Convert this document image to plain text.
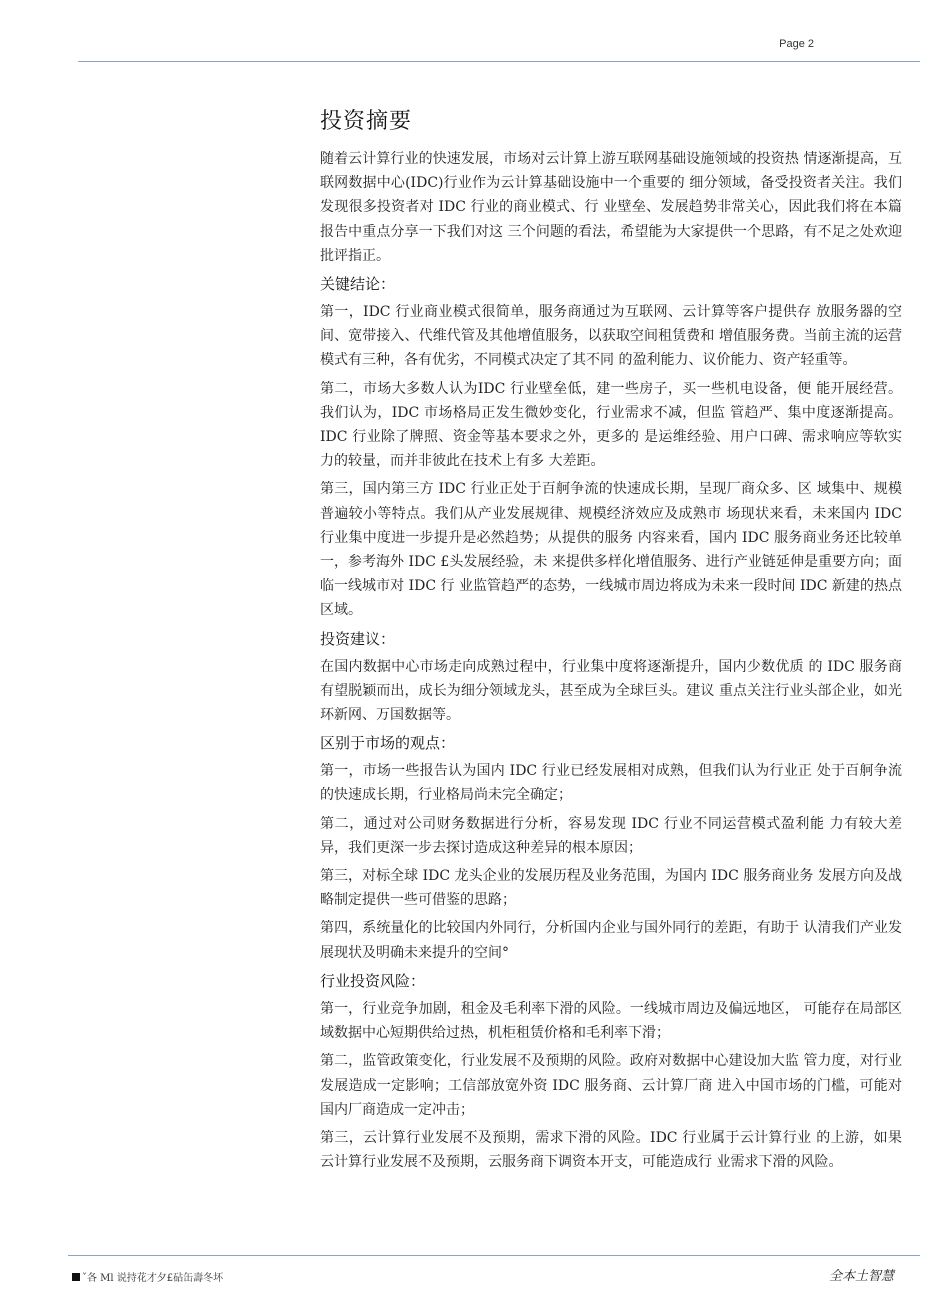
Page 2
投资摘要

随着云计算行业的快速发展，市场对云计算上游互联网基础设施领域的投资热 情逐渐提高，互联网数据中心(IDC)行业作为云计算基础设施中一个重要的 细分领域，备受投资者关注。我们发现很多投资者对 IDC 行业的商业模式、行 业壁垒、发展趋势非常关心，因此我们将在本篇报告中重点分享一下我们对这 三个问题的看法，希望能为大家提供一个思路，有不足之处欢迎批评指正。

关键结论：

第一，IDC 行业商业模式很简单，服务商通过为互联网、云计算等客户提供存 放服务器的空间、宽带接入、代维代管及其他增值服务，以获取空间租赁费和 增值服务费。当前主流的运营模式有三种，各有优劣，不同模式决定了其不同 的盈利能力、议价能力、资产轻重等。

第二，市场大多数人认为IDC 行业壁垒低，建一些房子，买一些机电设备，便 能开展经营。我们认为，IDC 市场格局正发生微妙变化，行业需求不减，但监 管趋严、集中度逐渐提高。IDC 行业除了牌照、资金等基本要求之外，更多的 是运维经验、用户口碑、需求响应等软实力的较量，而并非彼此在技术上有多 大差距。

第三，国内第三方 IDC 行业正处于百舸争流的快速成长期，呈现厂商众多、区 域集中、规模普遍较小等特点。我们从产业发展规律、规模经济效应及成熟市 场现状来看，未来国内 IDC 行业集中度进一步提升是必然趋势；从提供的服务 内容来看，国内 IDC 服务商业务还比较单一，参考海外 IDC £头发展经验，未 来提供多样化增值服务、进行产业链延伸是重要方向；面临一线城市对 IDC 行 业监管趋严的态势，一线城市周边将成为未来一段时间 IDC 新建的热点区域。

投资建议：

在国内数据中心市场走向成熟过程中，行业集中度将逐渐提升，国内少数优质 的 IDC 服务商有望脱颖而出，成长为细分领域龙头，甚至成为全球巨头。建议 重点关注行业头部企业，如光环新网、万国数据等。

区别于市场的观点：

第一，市场一些报告认为国内 IDC 行业已经发展相对成熟，但我们认为行业正 处于百舸争流的快速成长期，行业格局尚未完全确定；

第二，通过对公司财务数据进行分析，容易发现 IDC 行业不同运营模式盈利能 力有较大差异，我们更深一步去探讨造成这种差异的根本原因；

第三，对标全球 IDC 龙头企业的发展历程及业务范围，为国内 IDC 服务商业务 发展方向及战略制定提供一些可借鉴的思路；

第四，系统量化的比较国内外同行，分析国内企业与国外同行的差距，有助于 认清我们产业发展现状及明确未来提升的空间°

行业投资风险：

第一，行业竞争加剧，租金及毛利率下滑的风险。一线城市周边及偏远地区， 可能存在局部区域数据中心短期供给过热，机柜租赁价格和毛利率下滑；

第二，监管政策变化，行业发展不及预期的风险。政府对数据中心建设加大监 管力度，对行业发展造成一定影响；工信部放宽外资 IDC 服务商、云计算厂商 进入中国市场的门槛，可能对国内厂商造成一定冲击；

第三，云计算行业发展不及预期，需求下滑的风险。IDC 行业属于云计算行业 的上游，如果云计算行业发展不及预期，云服务商下调资本开支，可能造成行 业需求下滑的风险。

ˇ各 Ml 说持花才夕£砧缶壽冬坏	全本土智慧
